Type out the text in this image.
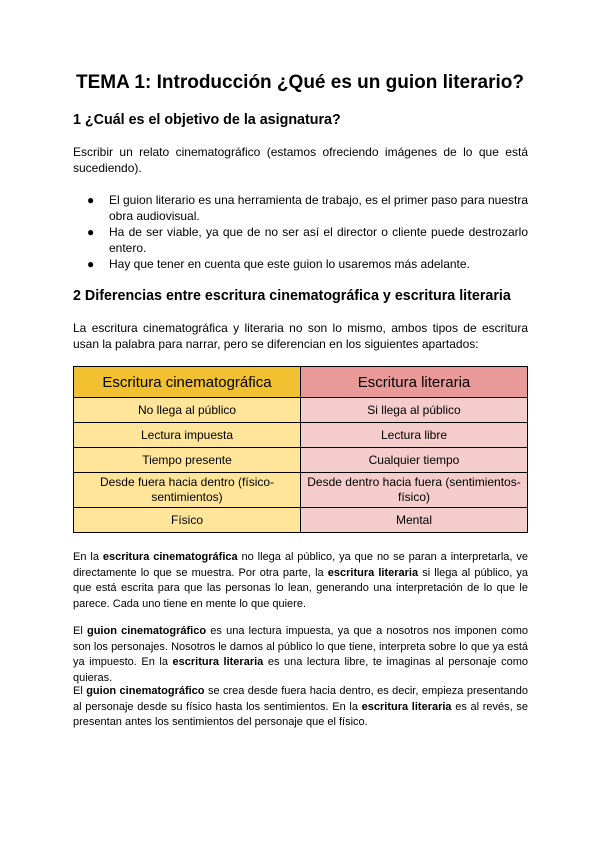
TEMA 1: Introducción ¿Qué es un guion literario?
1 ¿Cuál es el objetivo de la asignatura?

Escribir un relato cinematográfico (estamos ofreciendo imágenes de lo que está sucediendo).

● El guion literario es una herramienta de trabajo, es el primer paso para nuestra obra audiovisual.
● Ha de ser viable, ya que de no ser así el director o cliente puede destrozarlo entero.
● Hay que tener en cuenta que este guion lo usaremos más adelante.
2 Diferencias entre escritura cinematográfica y escritura literaria

La escritura cinematográfica y literaria no son lo mismo, ambos tipos de escritura usan la palabra para narrar, pero se diferencian en los siguientes apartados:

Escritura cinematográfica	Escritura literaria
No llega al público	Si llega al público
Lectura impuesta	Lectura libre
Tiempo presente	Cualquier tiempo
Desde fuera hacia dentro (físico-sentimientos)	Desde dentro hacia fuera (sentimientos-físico)
Físico	Mental

En la escritura cinematográfica no llega al público, ya que no se paran a interpretarla, ve directamente lo que se muestra. Por otra parte, la escritura literaria si llega al público, ya que está escrita para que las personas lo lean, generando una interpretación de lo que le parece. Cada uno tiene en mente lo que quiere.

El guion cinematográfico es una lectura impuesta, ya que a nosotros nos imponen como son los personajes. Nosotros le damos al público lo que tiene, interpreta sobre lo que ya está ya impuesto. En la escritura literaria es una lectura libre, te imaginas al personaje como quieras.

El guion cinematográfico se crea desde fuera hacia dentro, es decir, empieza presentando al personaje desde su físico hasta los sentimientos. En la escritura literaria es al revés, se presentan antes los sentimientos del personaje que el físico.
